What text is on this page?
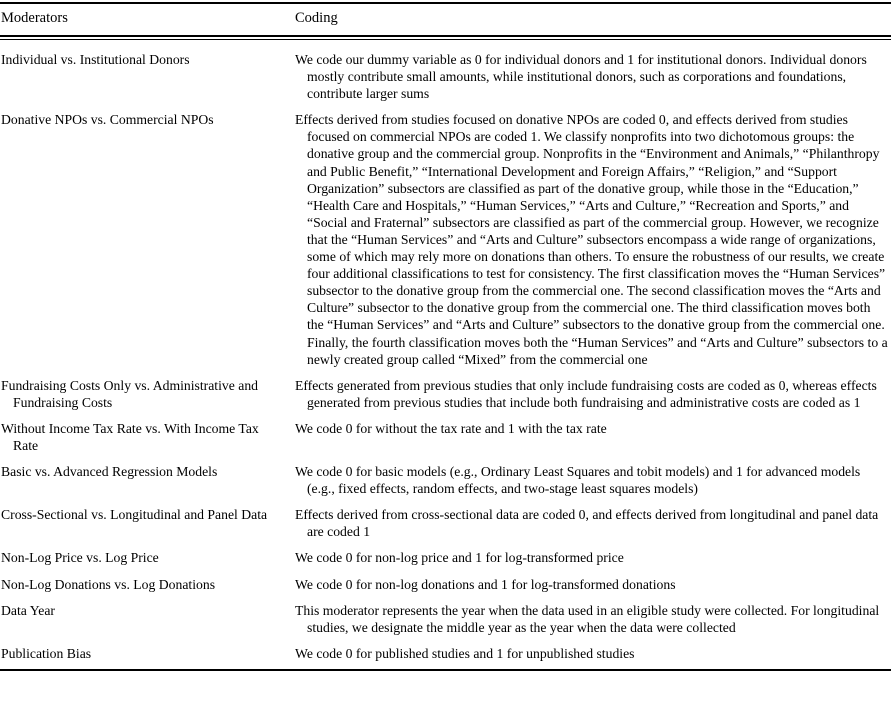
Moderators	Coding
Individual vs. Institutional Donors	We code our dummy variable as 0 for individual donors and 1 for institutional donors. Individual donors mostly contribute small amounts, while institutional donors, such as corporations and foundations, contribute larger sums

Donative NPOs vs. Commercial NPOs	Effects derived from studies focused on donative NPOs are coded 0, and effects derived from studies focused on commercial NPOs are coded 1. We classify nonprofits into two dichotomous groups: the donative group and the commercial group. Nonprofits in the “Environment and Animals,” “Philanthropy and Public Benefit,” “International Development and Foreign Affairs,” “Religion,” and “Support Organization” subsectors are classified as part of the donative group, while those in the “Education,” “Health Care and Hospitals,” “Human Services,” “Arts and Culture,” “Recreation and Sports,” and “Social and Fraternal” subsectors are classified as part of the commercial group. However, we recognize that the “Human Services” and “Arts and Culture” subsectors encompass a wide range of organizations, some of which may rely more on donations than others. To ensure the robustness of our results, we create four additional classifications to test for consistency. The first classification moves the “Human Services” subsector to the donative group from the commercial one. The second classification moves the “Arts and Culture” subsector to the donative group from the commercial one. The third classification moves both the “Human Services” and “Arts and Culture” subsectors to the donative group from the commercial one. Finally, the fourth classification moves both the “Human Services” and “Arts and Culture” subsectors to a newly created group called “Mixed” from the commercial one

Fundraising Costs Only vs. Administrative and Fundraising Costs	Effects generated from previous studies that only include fundraising costs are coded as 0, whereas effects generated from previous studies that include both fundraising and administrative costs are coded as 1

Without Income Tax Rate vs. With Income Tax Rate	We code 0 for without the tax rate and 1 with the tax rate

Basic vs. Advanced Regression Models	We code 0 for basic models (e.g., Ordinary Least Squares and tobit models) and 1 for advanced models (e.g., fixed effects, random effects, and two-stage least squares models)

Cross-Sectional vs. Longitudinal and Panel Data	Effects derived from cross-sectional data are coded 0, and effects derived from longitudinal and panel data are coded 1

Non-Log Price vs. Log Price	We code 0 for non-log price and 1 for log-transformed price

Non-Log Donations vs. Log Donations	We code 0 for non-log donations and 1 for log-transformed donations

Data Year	This moderator represents the year when the data used in an eligible study were collected. For longitudinal studies, we designate the middle year as the year when the data were collected

Publication Bias	We code 0 for published studies and 1 for unpublished studies
